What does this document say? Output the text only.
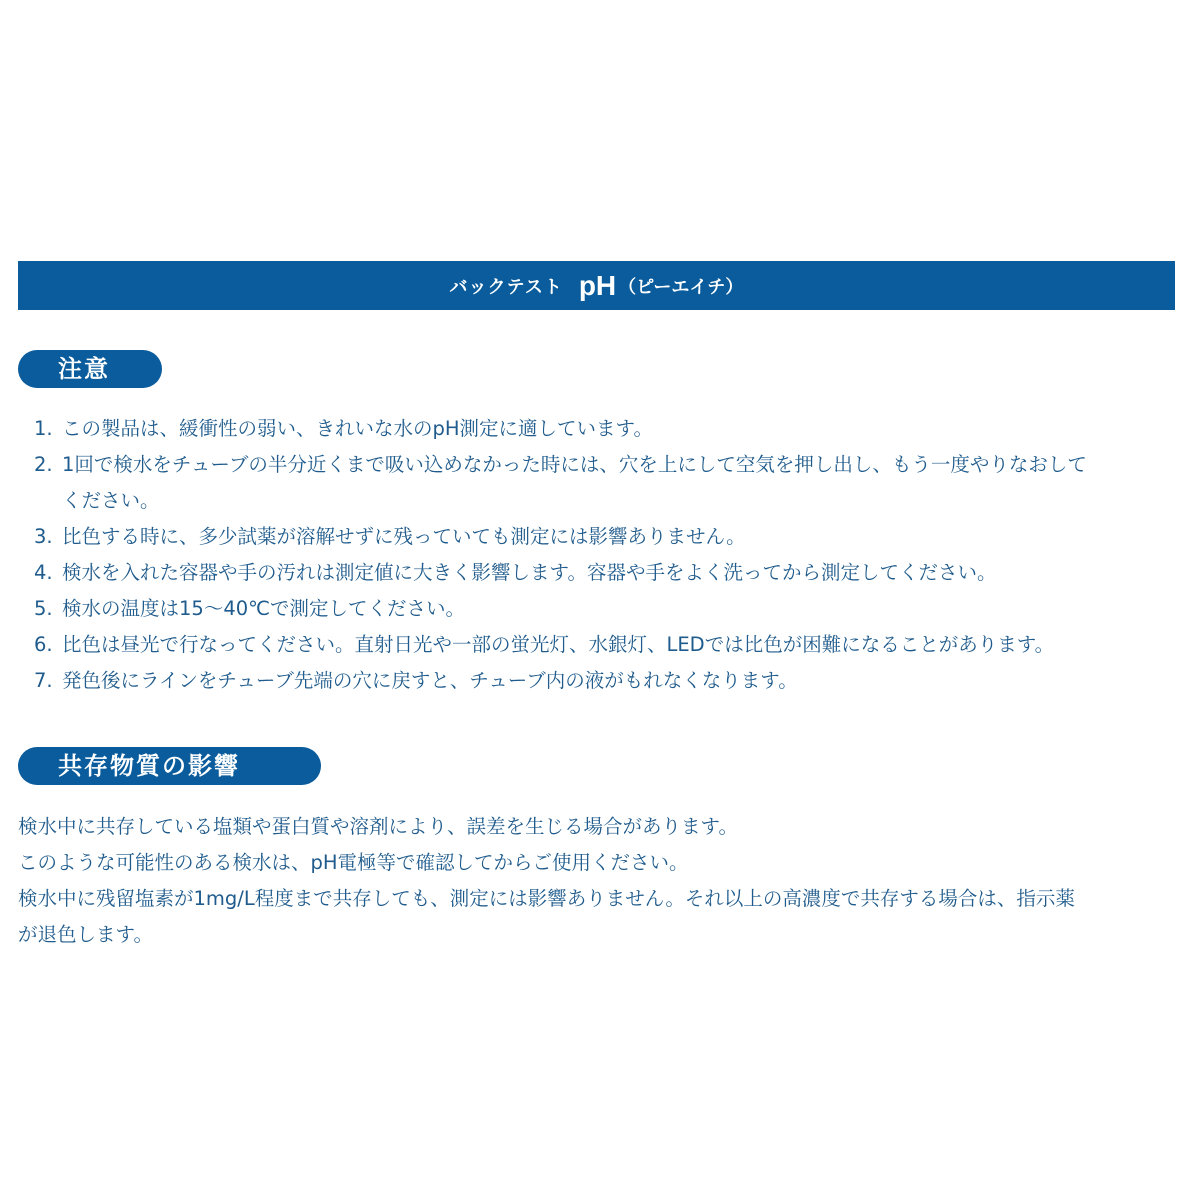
バックテスト pH （ピーエイチ）
注意
1. この製品は、緩衝性の弱い、きれいな水のpH測定に適しています。
2. 1回で検水をチューブの半分近くまで吸い込めなかった時には、穴を上にして空気を押し出し、もう一度やりなおして
ください。
3. 比色する時に、多少試薬が溶解せずに残っていても測定には影響ありません。
4. 検水を入れた容器や手の汚れは測定値に大きく影響します。容器や手をよく洗ってから測定してください。
5. 検水の温度は15～40℃で測定してください。
6. 比色は昼光で行なってください。直射日光や一部の蛍光灯、水銀灯、LEDでは比色が困難になることがあります。
7. 発色後にラインをチューブ先端の穴に戻すと、チューブ内の液がもれなくなります。
共存物質の影響

検水中に共存している塩類や蛋白質や溶剤により、誤差を生じる場合があります。

このような可能性のある検水は、pH電極等で確認してからご使用ください。

検水中に残留塩素が1mg/L程度まで共存しても、測定には影響ありません。それ以上の高濃度で共存する場合は、指示薬

が退色します。
